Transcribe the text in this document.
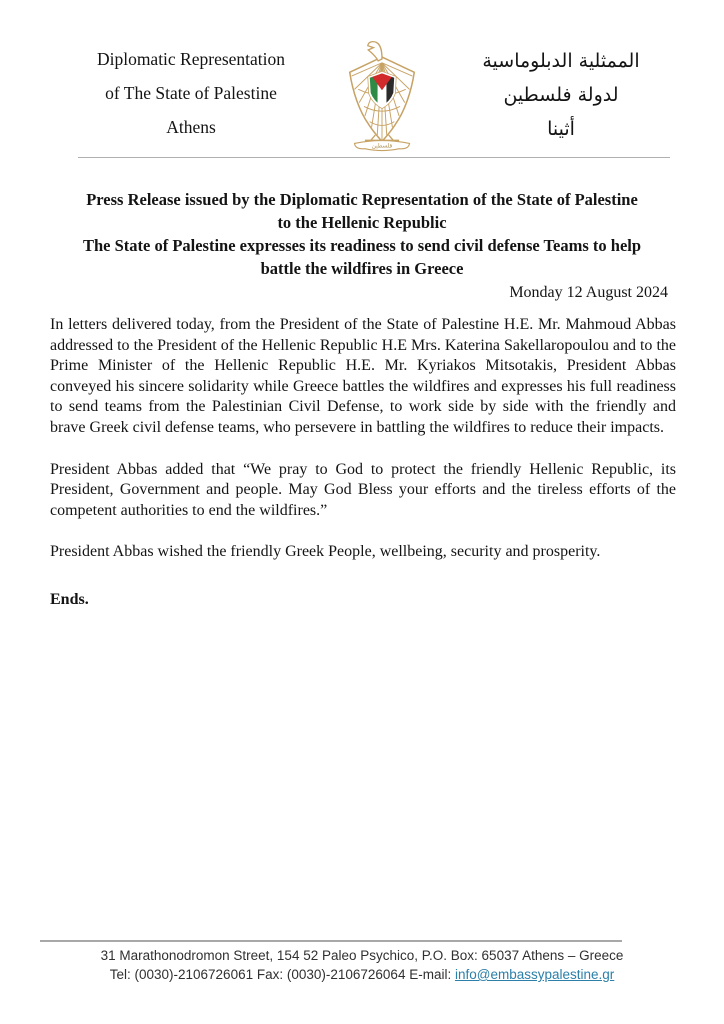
Diplomatic Representation
of The State of Palestine
Athens
فلسطين
الممثلية الدبلوماسية
لدولة فلسطين
أثينا
Press Release issued by the Diplomatic Representation of the State of Palestine
to the Hellenic Republic
The State of Palestine expresses its readiness to send civil defense Teams to help
battle the wildfires in Greece
Monday 12 August 2024

In letters delivered today, from the President of the State of Palestine H.E. Mr. Mahmoud Abbas addressed to the President of the Hellenic Republic H.E Mrs. Katerina Sakellaropoulou and to the Prime Minister of the Hellenic Republic H.E. Mr. Kyriakos Mitsotakis, President Abbas conveyed his sincere solidarity while Greece battles the wildfires and expresses his full readiness to send teams from the Palestinian Civil Defense, to work side by side with the friendly and brave Greek civil defense teams, who persevere in battling the wildfires to reduce their impacts.

President Abbas added that “We pray to God to protect the friendly Hellenic Republic, its President, Government and people. May God Bless your efforts and the tireless efforts of the competent authorities to end the wildfires.”

President Abbas wished the friendly Greek People, wellbeing, security and prosperity.

Ends.
31 Marathonodromon Street, 154 52 Paleo Psychico, P.O. Box: 65037 Athens – Greece
Tel: (0030)-2106726061 Fax: (0030)-2106726064 E-mail: info@embassypalestine.gr
